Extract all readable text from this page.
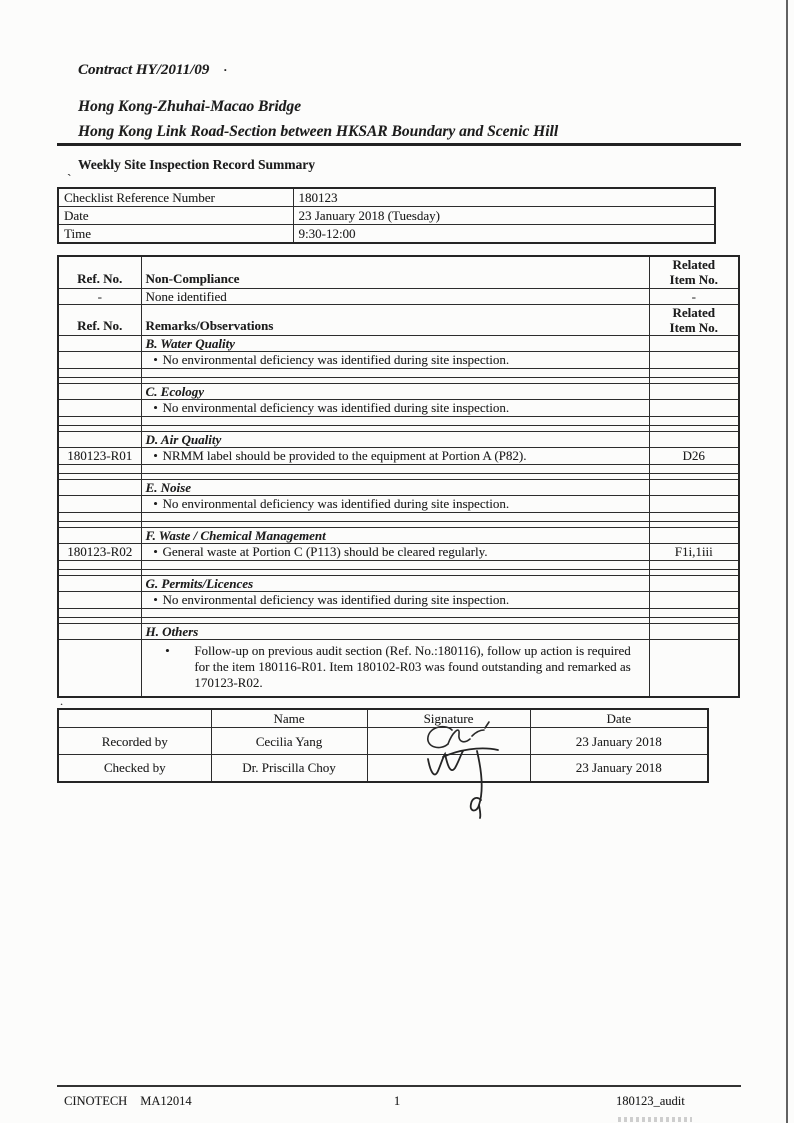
Contract HY/2011/09 ·
Hong Kong-Zhuhai-Macao Bridge
Hong Kong Link Road-Section between HKSAR Boundary and Scenic Hill
Weekly Site Inspection Record Summary
`
Checklist Reference Number	180123
Date	23 January 2018 (Tuesday)
Time	9:30-12:00
Ref. No.	Non-Compliance	Related
Item No.

-	None identified	-
Ref. No.	Remarks/Observations	Related
Item No.

	B. Water Quality	
	• No environmental deficiency was identified during site inspection.	

	C. Ecology	
	• No environmental deficiency was identified during site inspection.	

	D. Air Quality	
180123-R01	• NRMM label should be provided to the equipment at Portion A (P82).	D26

	E. Noise	
	• No environmental deficiency was identified during site inspection.	

	F. Waste / Chemical Management	
180123-R02	• General waste at Portion C (P113) should be cleared regularly.	F1i,1iii

	G. Permits/Licences	
	• No environmental deficiency was identified during site inspection.	

	H. Others	

	• Follow-up on previous audit section (Ref. No.:180116), follow up action is required for the item 180116-R01. Item 180102-R03 was found outstanding and remarked as 170123-R02.	

.
	Name	Signature	Date
Recorded by	Cecilia Yang		23 January 2018
Checked by	Dr. Priscilla Choy		23 January 2018
CINOTECH MA12014	1	180123_audit
